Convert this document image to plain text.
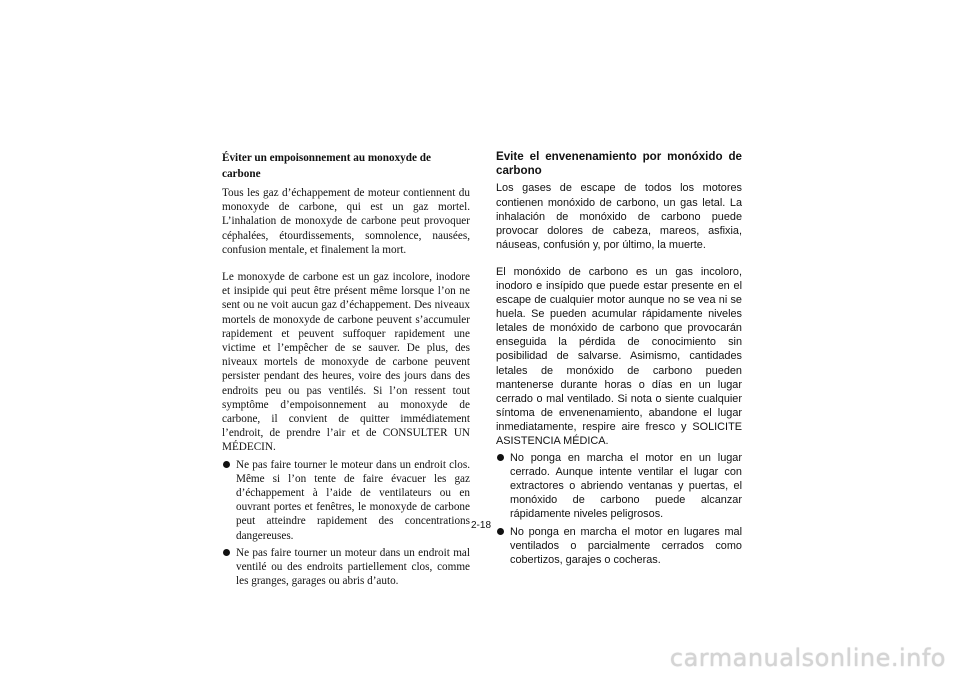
Éviter un empoisonnement au monoxyde de carbone

Tous les gaz d’échappement de moteur contiennent du monoxyde de carbone, qui est un gaz mortel. L’inhalation de monoxyde de carbone peut provoquer céphalées, étourdissements, somnolence, nausées, confusion mentale, et finalement la mort.

Le monoxyde de carbone est un gaz incolore, inodore et insipide qui peut être présent même lorsque l’on ne sent ou ne voit aucun gaz d’échappement. Des niveaux mortels de monoxyde de carbone peuvent s’accumuler rapidement et peuvent suffoquer rapidement une victime et l’empêcher de se sauver. De plus, des niveaux mortels de monoxyde de carbone peuvent persister pendant des heures, voire des jours dans des endroits peu ou pas ventilés. Si l’on ressent tout symptôme d’empoisonnement au monoxyde de carbone, il convient de quitter immédiatement l’endroit, de prendre l’air et de CONSULTER UN MÉDECIN.

Ne pas faire tourner le moteur dans un endroit clos. Même si l’on tente de faire évacuer les gaz d’échappement à l’aide de ventilateurs ou en ouvrant portes et fenêtres, le monoxyde de carbone peut atteindre rapidement des concentrations dangereuses.
Ne pas faire tourner un moteur dans un endroit mal ventilé ou des endroits partiellement clos, comme les granges, garages ou abris d’auto.
Evite el envenenamiento por monóxido de carbono

Los gases de escape de todos los motores contienen monóxido de carbono, un gas letal. La inhalación de monóxido de carbono puede provocar dolores de cabeza, mareos, asfixia, náuseas, confusión y, por último, la muerte.

El monóxido de carbono es un gas incoloro, inodoro e insípido que puede estar presente en el escape de cualquier motor aunque no se vea ni se huela. Se pueden acumular rápidamente niveles letales de monóxido de carbono que provocarán enseguida la pérdida de conocimiento sin posibilidad de salvarse. Asimismo, cantidades letales de monóxido de carbono pueden mantenerse durante horas o días en un lugar cerrado o mal ventilado. Si nota o siente cualquier síntoma de envenenamiento, abandone el lugar inmediatamente, respire aire fresco y SOLICITE ASISTENCIA MÉDICA.

No ponga en marcha el motor en un lugar cerrado. Aunque intente ventilar el lugar con extractores o abriendo ventanas y puertas, el monóxido de carbono puede alcanzar rápidamente niveles peligrosos.
No ponga en marcha el motor en lugares mal ventilados o parcialmente cerrados como cobertizos, garajes o cocheras.
2-18
carmanualsonline.info
